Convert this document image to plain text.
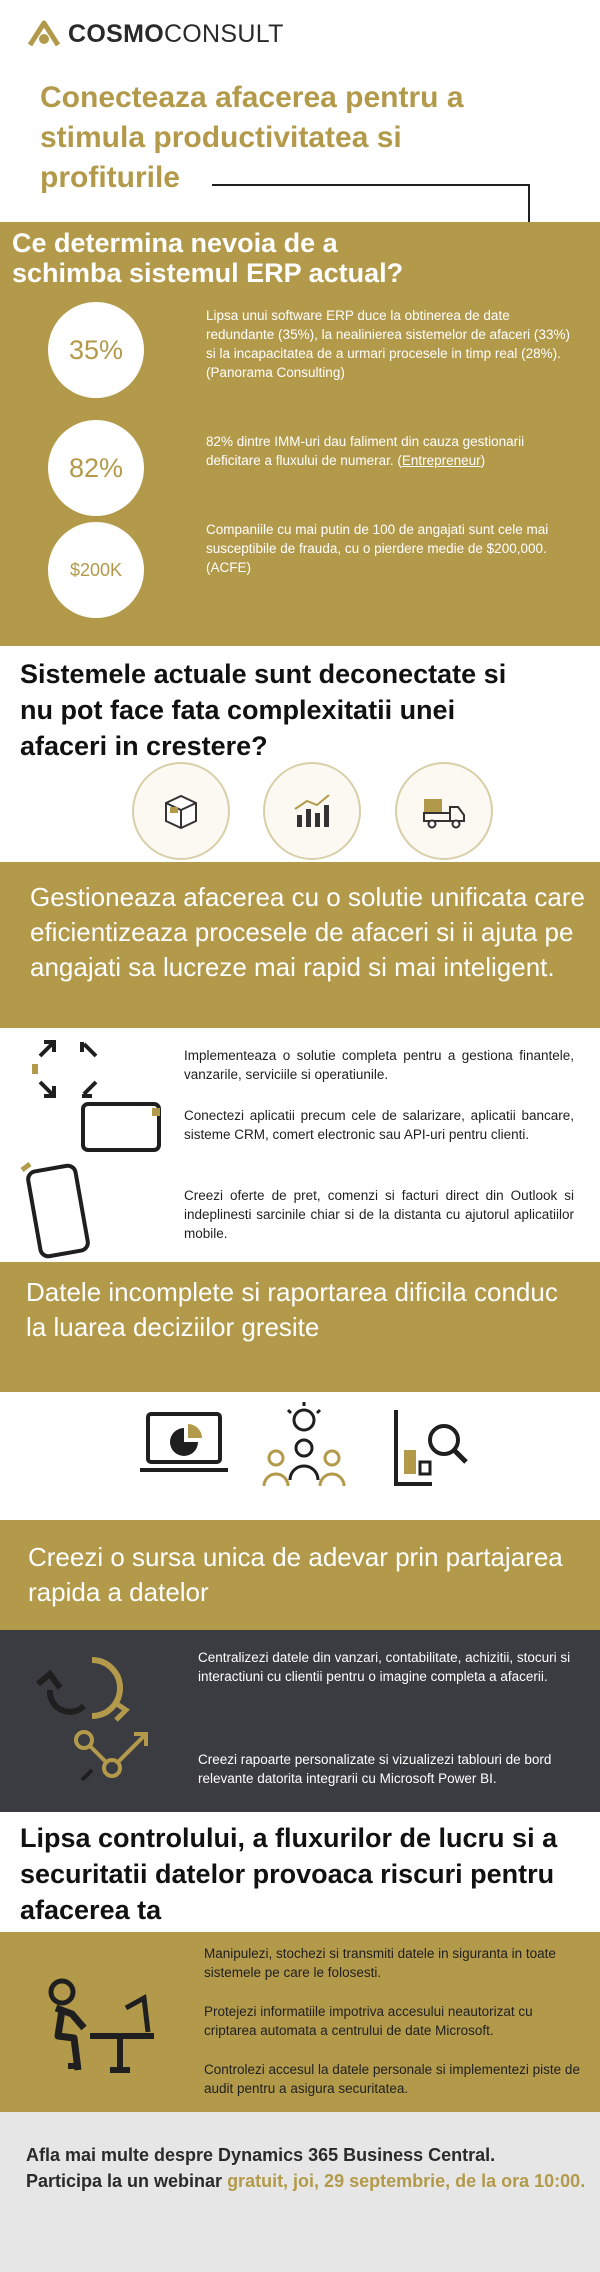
COSMOCONSULT
Conecteaza afacerea pentru a stimula productivitatea si profiturile
Ce determina nevoia de a schimba sistemul ERP actual?
35%
Lipsa unui software ERP duce la obtinerea de date redundante (35%), la nealinierea sistemelor de afaceri (33%) si la incapacitatea de a urmari procesele in timp real (28%). (Panorama Consulting)
82%
82% dintre IMM-uri dau faliment din cauza gestionarii deficitare a fluxului de numerar. (Entrepreneur)
$200K
Companiile cu mai putin de 100 de angajati sunt cele mai susceptibile de frauda, cu o pierdere medie de $200,000. (ACFE)
Sistemele actuale sunt deconectate si nu pot face fata complexitatii unei afaceri in crestere?
Gestioneaza afacerea cu o solutie unificata care eficientizeaza procesele de afaceri si ii ajuta pe angajati sa lucreze mai rapid si mai inteligent.
Implementeaza o solutie completa pentru a gestiona finantele, vanzarile, serviciile si operatiunile.
Conectezi aplicatii precum cele de salarizare, aplicatii bancare, sisteme CRM, comert electronic sau API-uri pentru clienti.
Creezi oferte de pret, comenzi si facturi direct din Outlook si indeplinesti sarcinile chiar si de la distanta cu ajutorul aplicatiilor mobile.
Datele incomplete si raportarea dificila conduc la luarea deciziilor gresite
Creezi o sursa unica de adevar prin partajarea rapida a datelor
Centralizezi datele din vanzari, contabilitate, achizitii, stocuri si interactiuni cu clientii pentru o imagine completa a afacerii.
Creezi rapoarte personalizate si vizualizezi tablouri de bord relevante datorita integrarii cu Microsoft Power BI.
Lipsa controlului, a fluxurilor de lucru si a securitatii datelor provoaca riscuri pentru afacerea ta
Manipulezi, stochezi si transmiti datele in siguranta in toate sistemele pe care le folosesti.
Protejezi informatiile impotriva accesului neautorizat cu criptarea automata a centrului de date Microsoft.
Controlezi accesul la datele personale si implementezi piste de audit pentru a asigura securitatea.
Afla mai multe despre Dynamics 365 Business Central.
Participa la un webinar gratuit, joi, 29 septembrie, de la ora 10:00.
